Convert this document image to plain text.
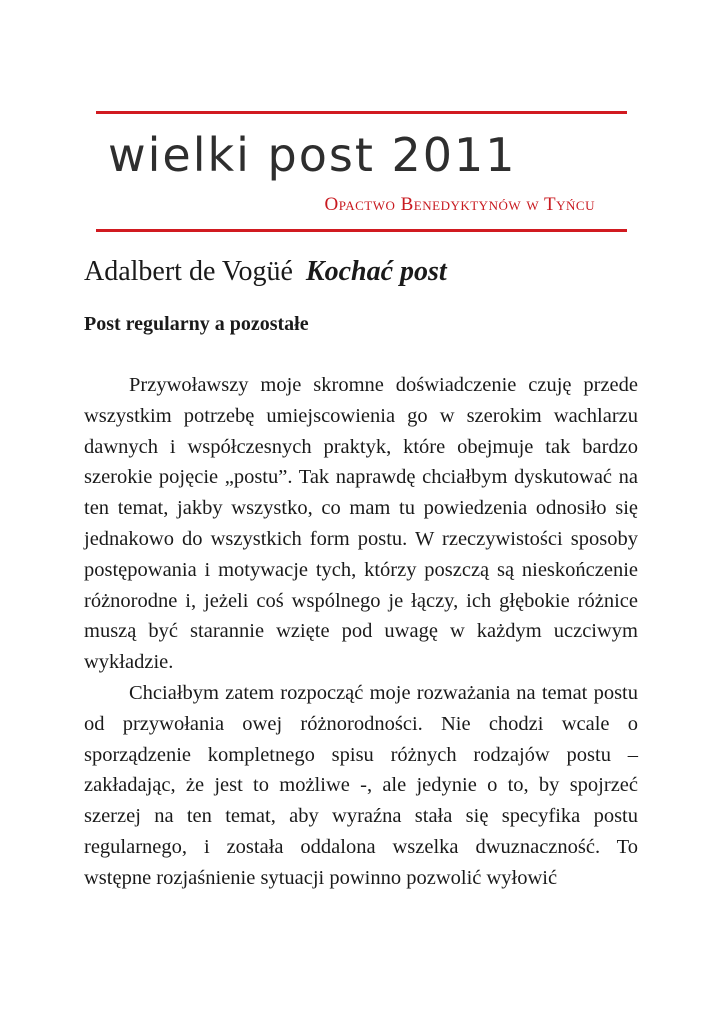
wielki post 2011
Opactwo Benedyktynów w Tyńcu
Adalbert de Vogüé Kochać post
Post regularny a pozostałe

Przywoławszy moje skromne doświadczenie czuję przede wszystkim potrzebę umiejscowienia go w szerokim wachlarzu dawnych i współczesnych praktyk, które obejmuje tak bardzo szerokie pojęcie „postu”. Tak naprawdę chciałbym dyskutować na ten temat, jakby wszystko, co mam tu powiedzenia odnosiło się jednakowo do wszystkich form postu. W rzeczywistości sposoby postępowania i motywacje tych, którzy poszczą są nieskończenie różnorodne i, jeżeli coś wspólnego je łączy, ich głębokie różnice muszą być starannie wzięte pod uwagę w każdym uczciwym wykładzie.

Chciałbym zatem rozpocząć moje rozważania na temat postu od przywołania owej różnorodności. Nie chodzi wcale o sporządzenie kompletnego spisu różnych rodzajów postu – zakładając, że jest to możliwe -, ale jedynie o to, by spojrzeć szerzej na ten temat, aby wyraźna stała się specyfika postu regularnego, i została oddalona wszelka dwuznaczność. To wstępne rozjaśnienie sytuacji powinno pozwolić wyłowić
